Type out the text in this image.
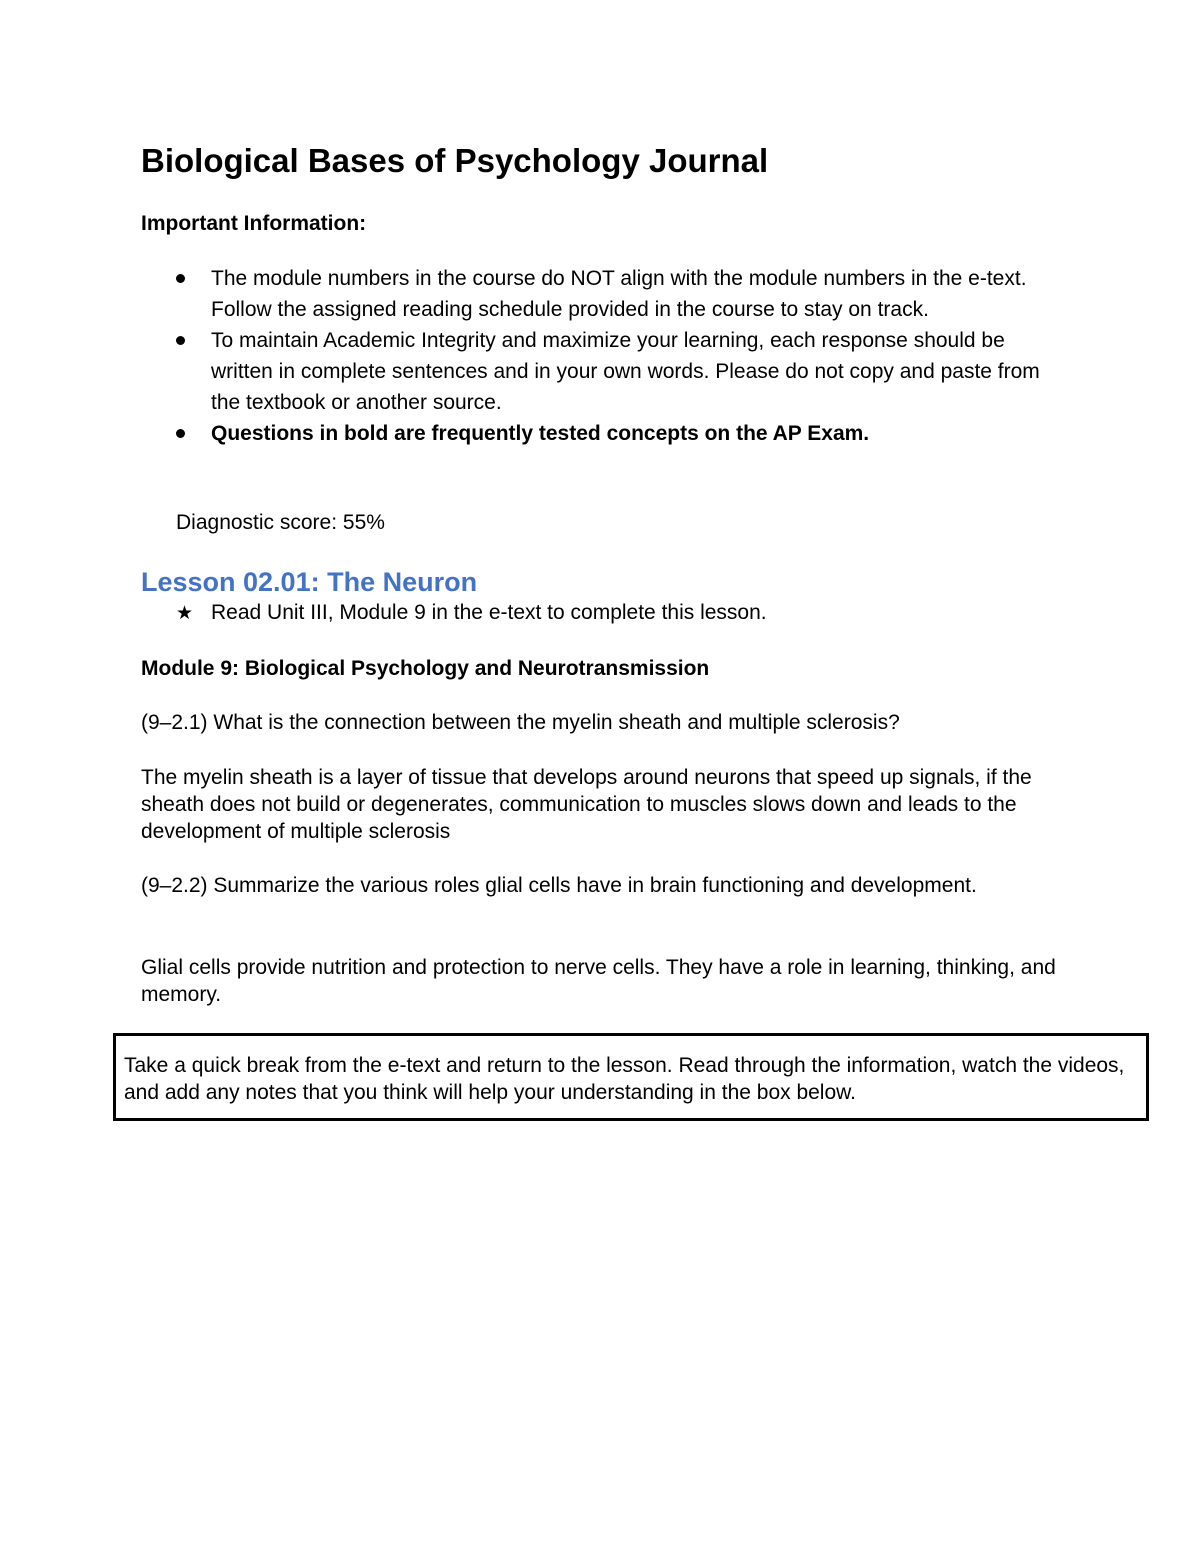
Biological Bases of Psychology Journal
Important Information:
The module numbers in the course do NOT align with the module numbers in the e-text. Follow the assigned reading schedule provided in the course to stay on track.
To maintain Academic Integrity and maximize your learning, each response should be written in complete sentences and in your own words. Please do not copy and paste from the textbook or another source.
Questions in bold are frequently tested concepts on the AP Exam.
Diagnostic score: 55%
Lesson 02.01: The Neuron
★ Read Unit III, Module 9 in the e-text to complete this lesson.
Module 9: Biological Psychology and Neurotransmission

(9–2.1) What is the connection between the myelin sheath and multiple sclerosis?

The myelin sheath is a layer of tissue that develops around neurons that speed up signals, if the sheath does not build or degenerates, communication to muscles slows down and leads to the development of multiple sclerosis

(9–2.2) Summarize the various roles glial cells have in brain functioning and development.

Glial cells provide nutrition and protection to nerve cells. They have a role in learning, thinking, and memory.

Take a quick break from the e-text and return to the lesson. Read through the information, watch the videos, and add any notes that you think will help your understanding in the box below.
